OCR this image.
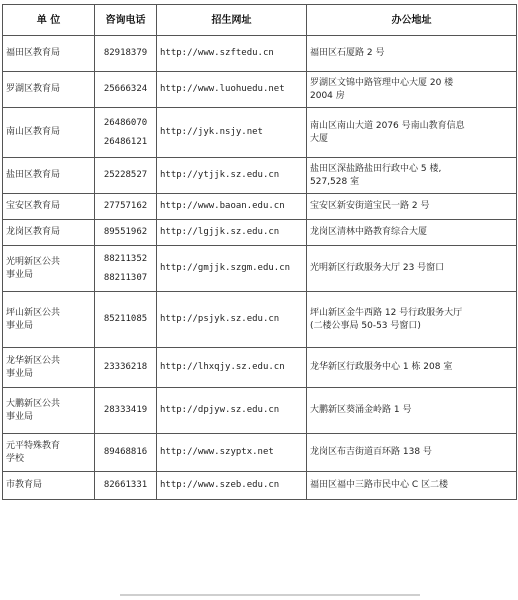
单 位	咨询电话	招生网址	办公地址

福田区教育局	82918379	http://www.szftedu.cn	福田区石厦路 2 号

罗湖区教育局	25666324	http://www.luohuedu.net	罗湖区文锦中路管理中心大厦 20 楼
2004 房

南山区教育局	26486070
26486121	http://jyk.nsjy.net	南山区南山大道 2076 号南山教育信息
大厦

盐田区教育局	25228527	http://ytjjk.sz.edu.cn	盐田区深盐路盐田行政中心 5 楼,
527,528 室

宝安区教育局	27757162	http://www.baoan.edu.cn	宝安区新安街道宝民一路 2 号

龙岗区教育局	89551962	http://lgjjk.sz.edu.cn	龙岗区清林中路教育综合大厦

光明新区公共
事业局	88211352
88211307	http://gmjjk.szgm.edu.cn	光明新区行政服务大厅 23 号窗口

坪山新区公共
事业局	85211085	http://psjyk.sz.edu.cn	坪山新区金牛西路 12 号行政服务大厅
(二楼公事局 50-53 号窗口)

龙华新区公共
事业局	23336218	http://lhxqjy.sz.edu.cn	龙华新区行政服务中心 1 栋 208 室

大鹏新区公共
事业局	28333419	http://dpjyw.sz.edu.cn	大鹏新区葵涌金岭路 1 号

元平特殊教育
学校	89468816	http://www.szyptx.net	龙岗区布吉街道百环路 138 号

市教育局	82661331	http://www.szeb.edu.cn	福田区福中三路市民中心 C 区二楼
